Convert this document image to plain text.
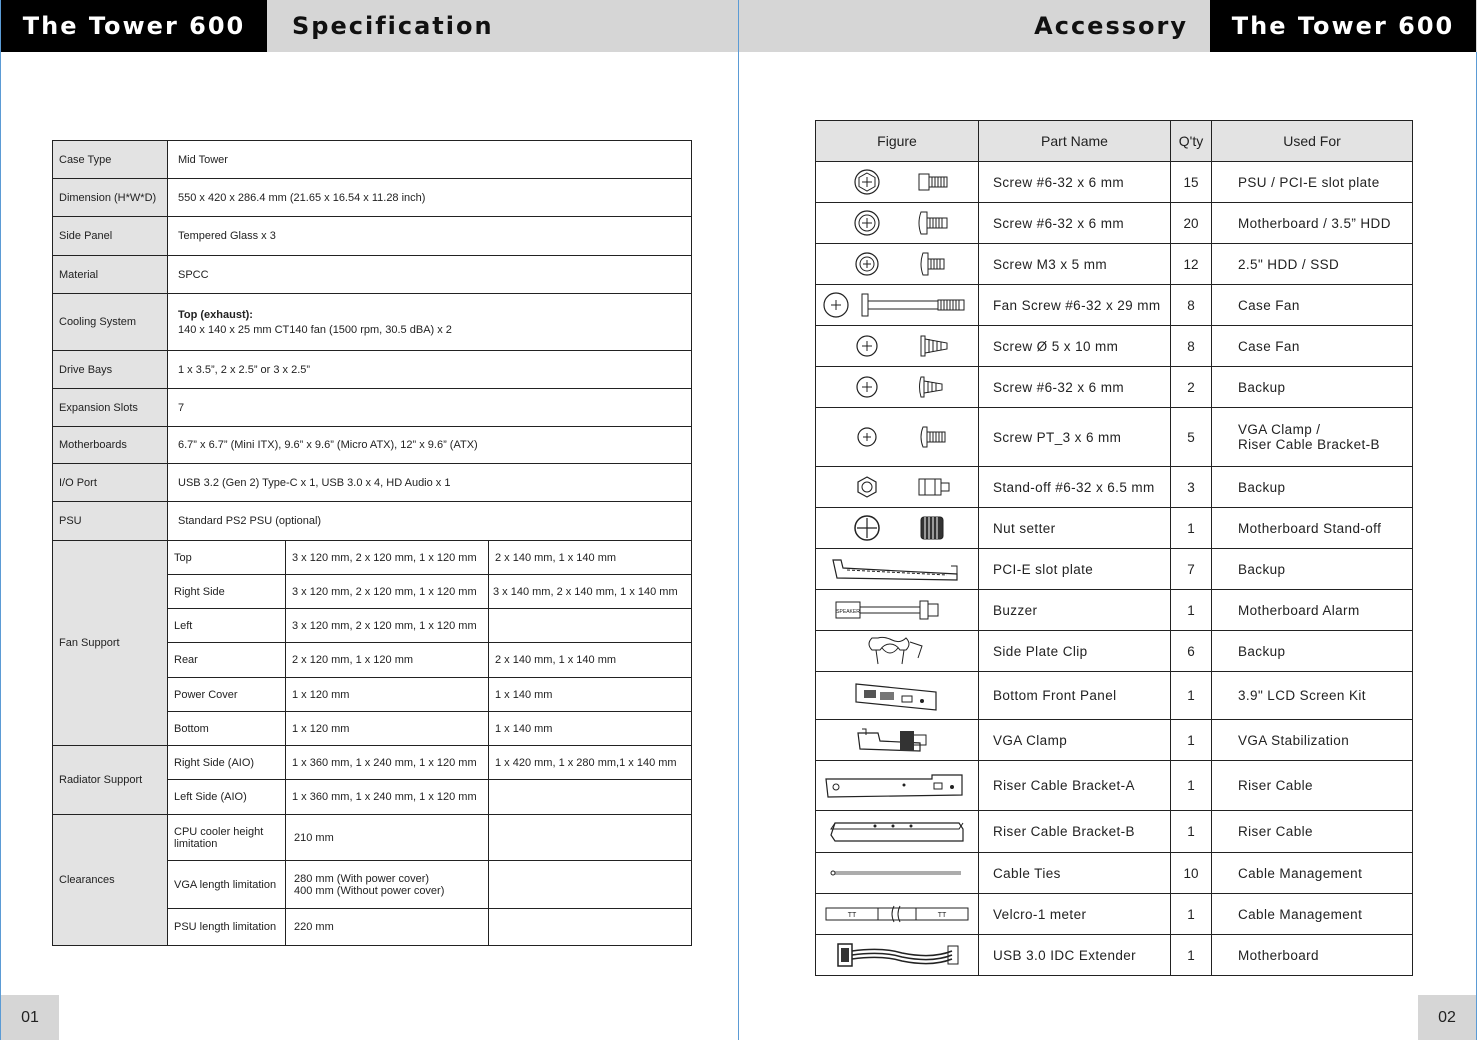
The Tower 600	Specification
Case Type	Mid Tower		
Dimension (H*W*D)	550 x 420 x 286.4 mm (21.65 x 16.54 x 11.28 inch)		
Side Panel	Tempered Glass x 3		
Material	SPCC		
Cooling System	Top (exhaust):
140 x 140 x 25 mm CT140 fan (1500 rpm, 30.5 dBA) x 2		
Drive Bays	1 x 3.5”, 2 x 2.5” or 3 x 2.5”		
Expansion Slots	7		
Motherboards	6.7” x 6.7” (Mini ITX), 9.6” x 9.6” (Micro ATX), 12” x 9.6” (ATX)		
I/O Port	USB 3.2 (Gen 2) Type-C x 1, USB 3.0 x 4, HD Audio x 1		
PSU	Standard PS2 PSU (optional)		
Fan Support	Top	3 x 120 mm, 2 x 120 mm, 1 x 120 mm	2 x 140 mm, 1 x 140 mm
	Right Side	3 x 120 mm, 2 x 120 mm, 1 x 120 mm	3 x 140 mm, 2 x 140 mm, 1 x 140 mm
	Left	3 x 120 mm, 2 x 120 mm, 1 x 120 mm	
	Rear	2 x 120 mm, 1 x 120 mm	2 x 140 mm, 1 x 140 mm
	Power Cover	1 x 120 mm	1 x 140 mm
	Bottom	1 x 120 mm	1 x 140 mm
Radiator Support	Right Side (AIO)	1 x 360 mm, 1 x 240 mm, 1 x 120 mm	1 x 420 mm, 1 x 280 mm,1 x 140 mm
	Left Side (AIO)	1 x 360 mm, 1 x 240 mm, 1 x 120 mm	
Clearances	CPU cooler height limitation	210 mm	
	VGA length limitation	280 mm (With power cover)
400 mm (Without power cover)	

	PSU length limitation	220 mm	
01
Accessory	The Tower 600
Figure	Part Name	Q'ty	Used For
	Screw #6-32 x 6 mm	15	PSU / PCI-E slot plate
	Screw #6-32 x 6 mm	20	Motherboard / 3.5” HDD
	Screw M3 x 5 mm	12	2.5" HDD / SSD
	Fan Screw #6-32 x 29 mm	8	Case Fan
	Screw Ø 5 x 10 mm	8	Case Fan
	Screw #6-32 x 6 mm	2	Backup
	Screw PT_3 x 6 mm	5	VGA Clamp /
Riser Cable Bracket-B

	Stand-off #6-32 x 6.5 mm	3	Backup
	Nut setter	1	Motherboard Stand-off
	PCI-E slot plate	7	Backup

SPEAKER	Buzzer	1	Motherboard Alarm
	Side Plate Clip	6	Backup
	Bottom Front Panel	1	3.9" LCD Screen Kit
	VGA Clamp	1	VGA Stabilization
	Riser Cable Bracket-A	1	Riser Cable
	Riser Cable Bracket-B	1	Riser Cable
	Cable Ties	10	Cable Management

TT TT	Velcro-1 meter	1	Cable Management
	USB 3.0 IDC Extender	1	Motherboard
02
